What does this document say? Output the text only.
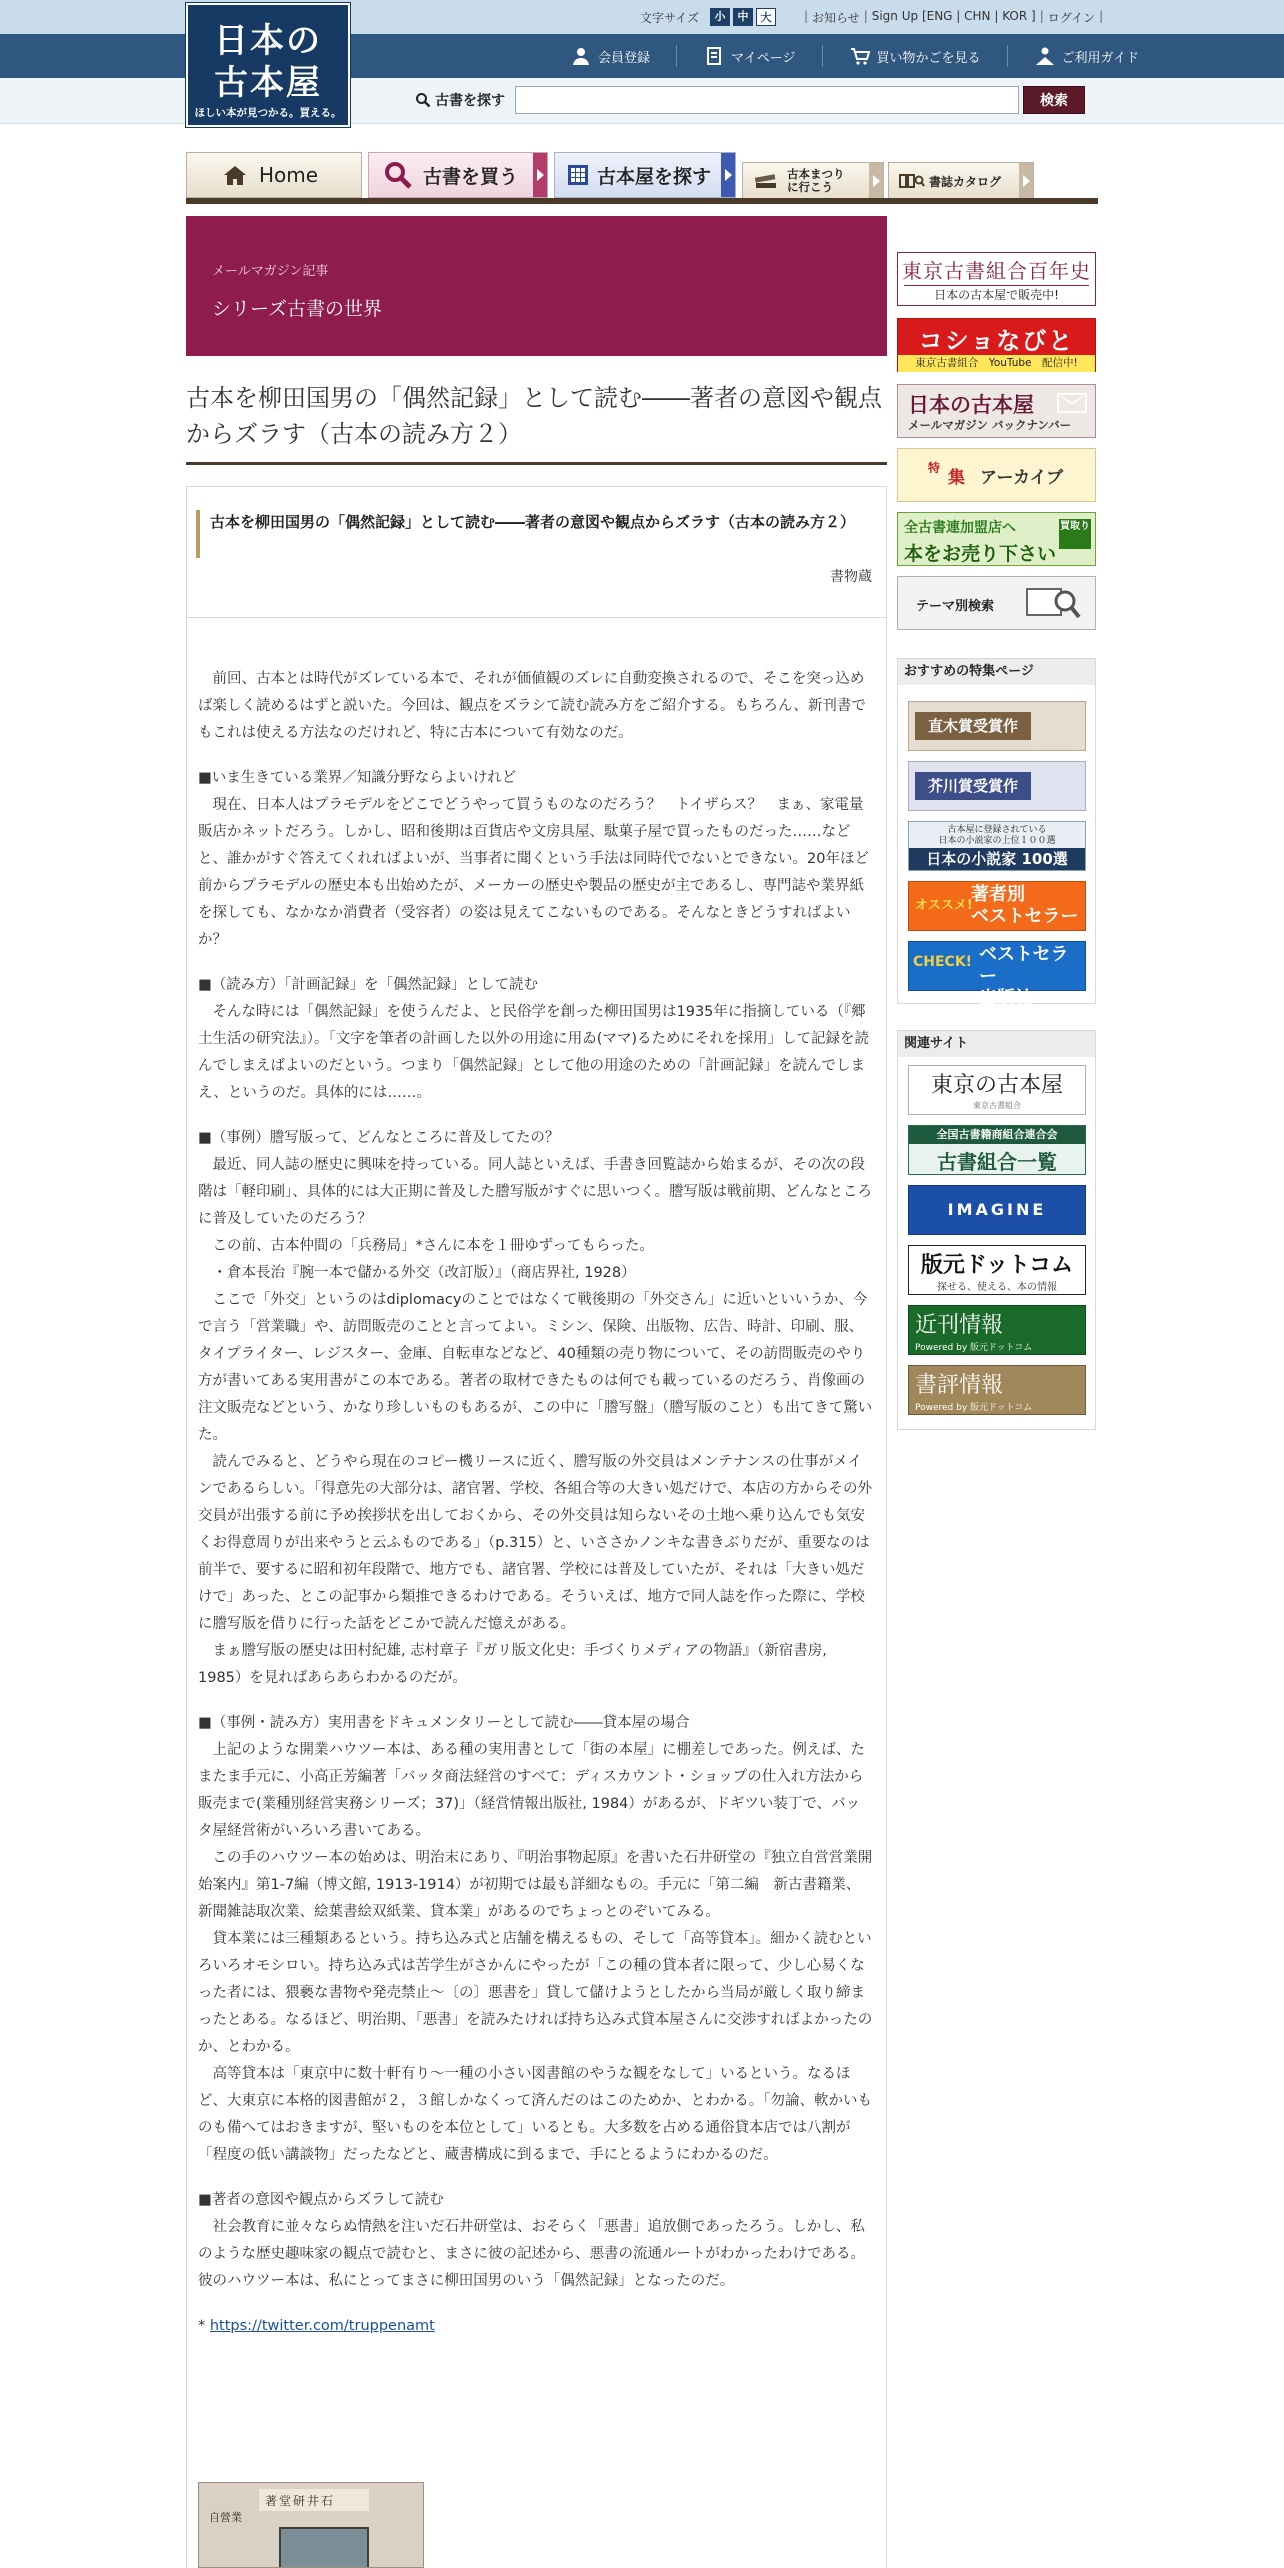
日本の
古本屋
ほしい本が見つかる。買える。
文字サイズ	小	中	大	| お知らせ | Sign Up [ENG | CHN | KOR ] | ログイン |
会員登録	マイページ	買い物かごを見る	ご利用ガイド
古書を探す	検索
Home	古書を買う	古本屋を探す	古本まつり
に行こう	書誌カタログ
メールマガジン記事
シリーズ古書の世界
古本を柳田国男の「偶然記録」として読む――著者の意図や観点からズラす（古本の読み方２）
古本を柳田国男の「偶然記録」として読む――著者の意図や観点からズラす（古本の読み方２）
書物蔵

　前回、古本とは時代がズレている本で、それが価値観のズレに自動変換されるので、そこを突っ込めば楽しく読めるはずと説いた。今回は、観点をズラシて読む読み方をご紹介する。もちろん、新刊書でもこれは使える方法なのだけれど、特に古本について有効なのだ。

■いま生きている業界／知識分野ならよいけれど

　現在、日本人はプラモデルをどこでどうやって買うものなのだろう？　トイザらス？　まぁ、家電量販店かネットだろう。しかし、昭和後期は百貨店や文房具屋、駄菓子屋で買ったものだった……などと、誰かがすぐ答えてくれればよいが、当事者に聞くという手法は同時代でないとできない。20年ほど前からプラモデルの歴史本も出始めたが、メーカーの歴史や製品の歴史が主であるし、専門誌や業界紙を探しても、なかなか消費者（受容者）の姿は見えてこないものである。そんなときどうすればよいか？

■（読み方）「計画記録」を「偶然記録」として読む

　そんな時には「偶然記録」を使うんだよ、と民俗学を創った柳田国男は1935年に指摘している（『郷土生活の研究法』）。「文字を筆者の計画した以外の用途に用ゐ(ママ)るためにそれを採用」して記録を読んでしまえばよいのだという。つまり「偶然記録」として他の用途のための「計画記録」を読んでしまえ、というのだ。具体的には……。

■（事例）謄写版って、どんなところに普及してたの？

　最近、同人誌の歴史に興味を持っている。同人誌といえば、手書き回覧誌から始まるが、その次の段階は「軽印刷」、具体的には大正期に普及した謄写版がすぐに思いつく。謄写版は戦前期、どんなところに普及していたのだろう？

　この前、古本仲間の「兵務局」*さんに本を１冊ゆずってもらった。

　・倉本長治『腕一本で儲かる外交（改訂版）』（商店界社, 1928）

　ここで「外交」というのはdiplomacyのことではなくて戦後期の「外交さん」に近いといいうか、今で言う「営業職」や、訪問販売のことと言ってよい。ミシン、保険、出版物、広告、時計、印刷、服、タイプライター、レジスター、金庫、自転車などなど、40種類の売り物について、その訪問販売のやり方が書いてある実用書がこの本である。著者の取材できたものは何でも載っているのだろう、肖像画の注文販売などという、かなり珍しいものもあるが、この中に「謄写盤」（謄写版のこと）も出てきて驚いた。

　読んでみると、どうやら現在のコピー機リースに近く、謄写版の外交員はメンテナンスの仕事がメインであるらしい。「得意先の大部分は、諸官署、学校、各組合等の大きい処だけで、本店の方からその外交員が出張する前に予め挨拶状を出しておくから、その外交員は知らないその土地へ乗り込んでも気安くお得意周りが出来やうと云ふものである」（p.315）と、いささかノンキな書きぶりだが、重要なのは前半で、要するに昭和初年段階で、地方でも、諸官署、学校には普及していたが、それは「大きい処だけで」あった、とこの記事から類推できるわけである。そういえば、地方で同人誌を作った際に、学校に謄写版を借りに行った話をどこかで読んだ憶えがある。

　まぁ謄写版の歴史は田村紀雄, 志村章子『ガリ版文化史：手づくりメディアの物語』（新宿書房, 1985）を見ればあらあらわかるのだが。

■（事例・読み方）実用書をドキュメンタリーとして読む――貸本屋の場合

　上記のような開業ハウツー本は、ある種の実用書として「街の本屋」に棚差しであった。例えば、たまたま手元に、小高正芳編著「バッタ商法経営のすべて：ディスカウント・ショップの仕入れ方法から販売まで(業種別経営実務シリーズ；37)」（経営情報出版社, 1984）があるが、ドギツい装丁で、バッタ屋経営術がいろいろ書いてある。

　この手のハウツー本の始めは、明治末にあり、『明治事物起原』を書いた石井研堂の『独立自営営業開始案内』第1-7編（博文館, 1913-1914）が初期では最も詳細なもの。手元に「第二編　新古書籍業、新聞雑誌取次業、絵葉書絵双紙業、貸本業」があるのでちょっとのぞいてみる。

　貸本業には三種類あるという。持ち込み式と店舗を構えるもの、そして「高等貸本」。細かく読むといろいろオモシロい。持ち込み式は苦学生がさかんにやったが「この種の貸本者に限って、少し心易くなった者には、猥褻な書物や発売禁止〜〔の〕悪書を」貸して儲けようとしたから当局が厳しく取り締まったとある。なるほど、明治期、「悪書」を読みたければ持ち込み式貸本屋さんに交渉すればよかったのか、とわかる。

　高等貸本は「東京中に数十軒有り〜一種の小さい図書館のやうな観をなして」いるという。なるほど、大東京に本格的図書館が２，３館しかなくって済んだのはこのためか、とわかる。「勿論、軟かいものも備へてはおきますが、堅いものを本位として」いるとも。大多数を占める通俗貸本店では八割が「程度の低い講談物」だったなどと、蔵書構成に到るまで、手にとるようにわかるのだ。

■著者の意図や観点からズラして読む

　社会教育に並々ならぬ情熱を注いだ石井研堂は、おそらく「悪書」追放側であったろう。しかし、私のような歴史趣味家の観点で読むと、まさに彼の記述から、悪書の流通ルートがわかったわけである。彼のハウツー本は、私にとってまさに柳田国男のいう「偶然記録」となったのだ。

* https://twitter.com/truppenamt

著堂研井石
自營業
東京古書組合百年史
日本の古本屋で販売中!
コショなびと
東京古書組合　YouTube　配信中!
日本の古本屋
メールマガジン バックナンバー
特 集 アーカイブ
全古書連加盟店へ
本をお売り下さい
買取り
テーマ別検索
おすすめの特集ページ
直木賞受賞作
芥川賞受賞作
古本屋に登録されている
日本の小説家の上位１００選
日本の小説家 100選
オススメ!
著者別
ベストセラー
CHECK! ベストセラー
出版社
関連サイト
東京の古本屋
東京古書組合
全国古書籍商組合連合会
古書組合一覧
IMAGINE
版元ドットコム
探せる、使える、本の情報
近刊情報
Powered by 版元ドットコム
書評情報
Powered by 版元ドットコム
